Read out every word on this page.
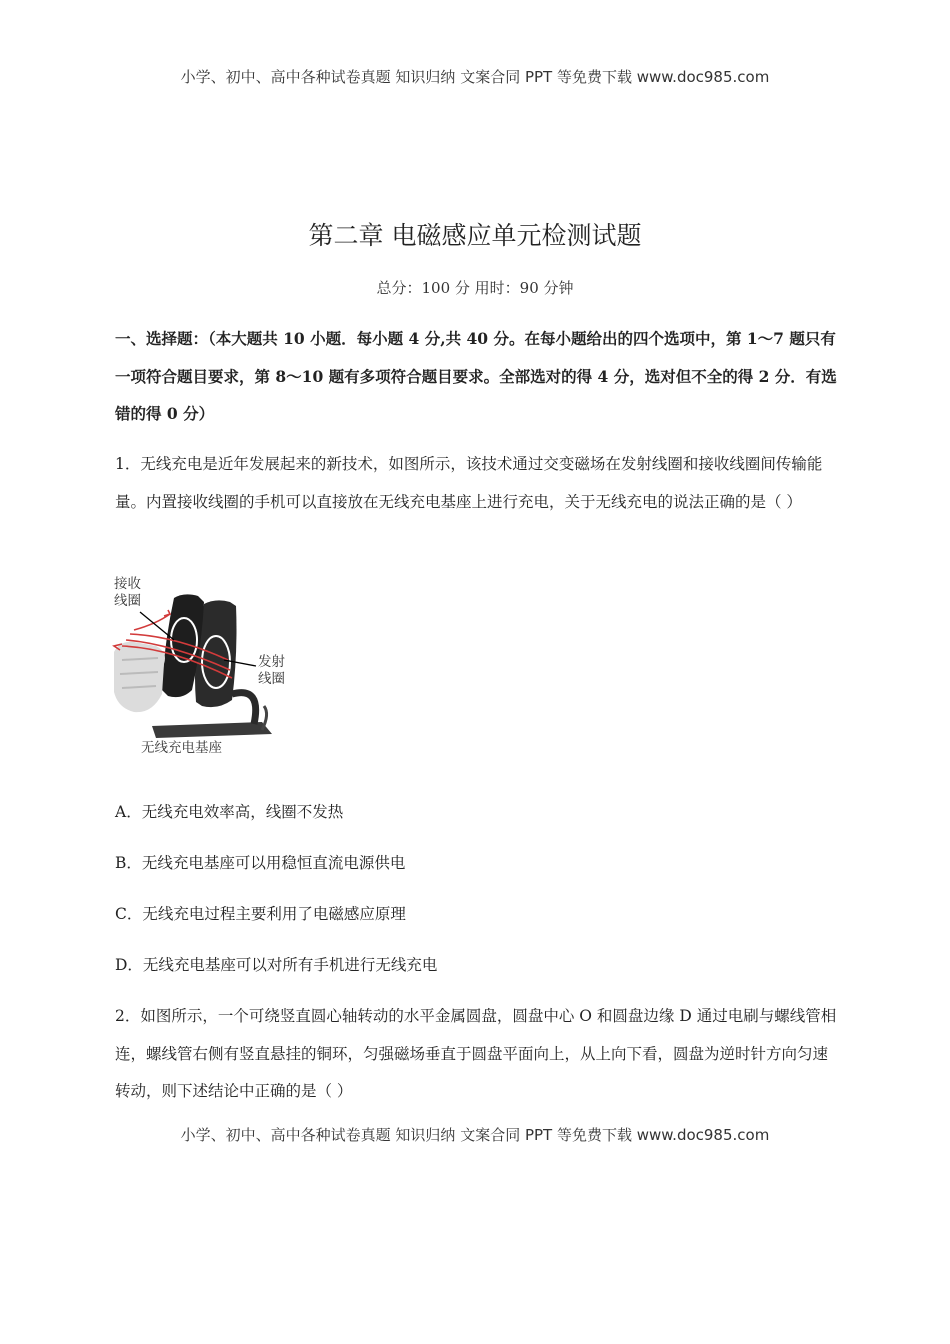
小学、初中、高中各种试卷真题 知识归纳 文案合同 PPT 等免费下载 www.doc985.com
第二章 电磁感应单元检测试题
总分：100 分 用时：90 分钟
一、选择题：（本大题共 10 小题．每小题 4 分,共 40 分。在每小题给出的四个选项中，第 1～7 题只有一项符合题目要求，第 8～10 题有多项符合题目要求。全部选对的得 4 分，选对但不全的得 2 分．有选错的得 0 分）
1．无线充电是近年发展起来的新技术，如图所示，该技术通过交变磁场在发射线圈和接收线圈间传输能量。内置接收线圈的手机可以直接放在无线充电基座上进行充电，关于无线充电的说法正确的是（ ）
接收
线圈
发射
线圈
无线充电基座
A．无线充电效率高，线圈不发热
B．无线充电基座可以用稳恒直流电源供电
C．无线充电过程主要利用了电磁感应原理
D．无线充电基座可以对所有手机进行无线充电
2．如图所示，一个可绕竖直圆心轴转动的水平金属圆盘，圆盘中心 O 和圆盘边缘 D 通过电刷与螺线管相连，螺线管右侧有竖直悬挂的铜环，匀强磁场垂直于圆盘平面向上，从上向下看，圆盘为逆时针方向匀速转动，则下述结论中正确的是（ ）
小学、初中、高中各种试卷真题 知识归纳 文案合同 PPT 等免费下载 www.doc985.com
